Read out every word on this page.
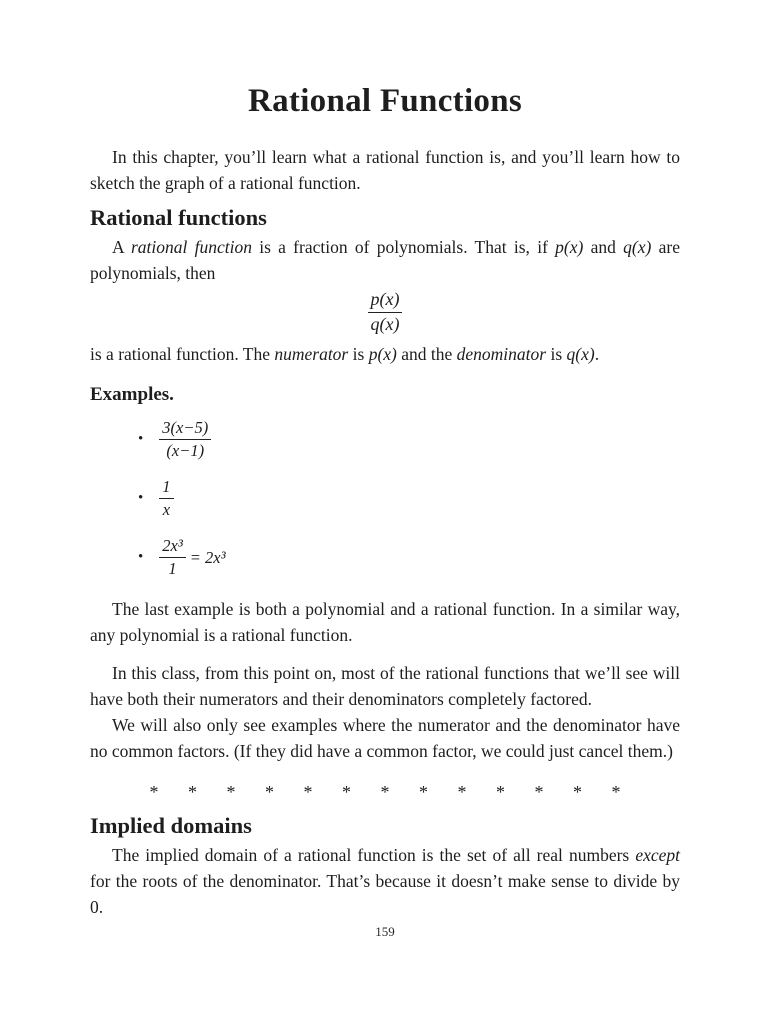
Rational Functions

In this chapter, you’ll learn what a rational function is, and you’ll learn how to sketch the graph of a rational function.

Rational functions

A rational function is a fraction of polynomials. That is, if p(x) and q(x) are polynomials, then

$\frac{p(x)}{q(x)}$

is a rational function. The numerator is p(x) and the denominator is q(x).

Examples.
• $\frac{3(x-5)}{(x-1)}$
• $\frac{1}{x}$
• $\frac{\text{2x³}}{1} = 2x^3$

The last example is both a polynomial and a rational function. In a similar way, any polynomial is a rational function.

In this class, from this point on, most of the rational functions that we’ll see will have both their numerators and their denominators completely factored.

We will also only see examples where the numerator and the denominator have no common factors. (If they did have a common factor, we could just cancel them.)

* * * * * * * * * * * * *
Implied domains

The implied domain of a rational function is the set of all real numbers except for the roots of the denominator. That’s because it doesn’t make sense to divide by 0.

159
